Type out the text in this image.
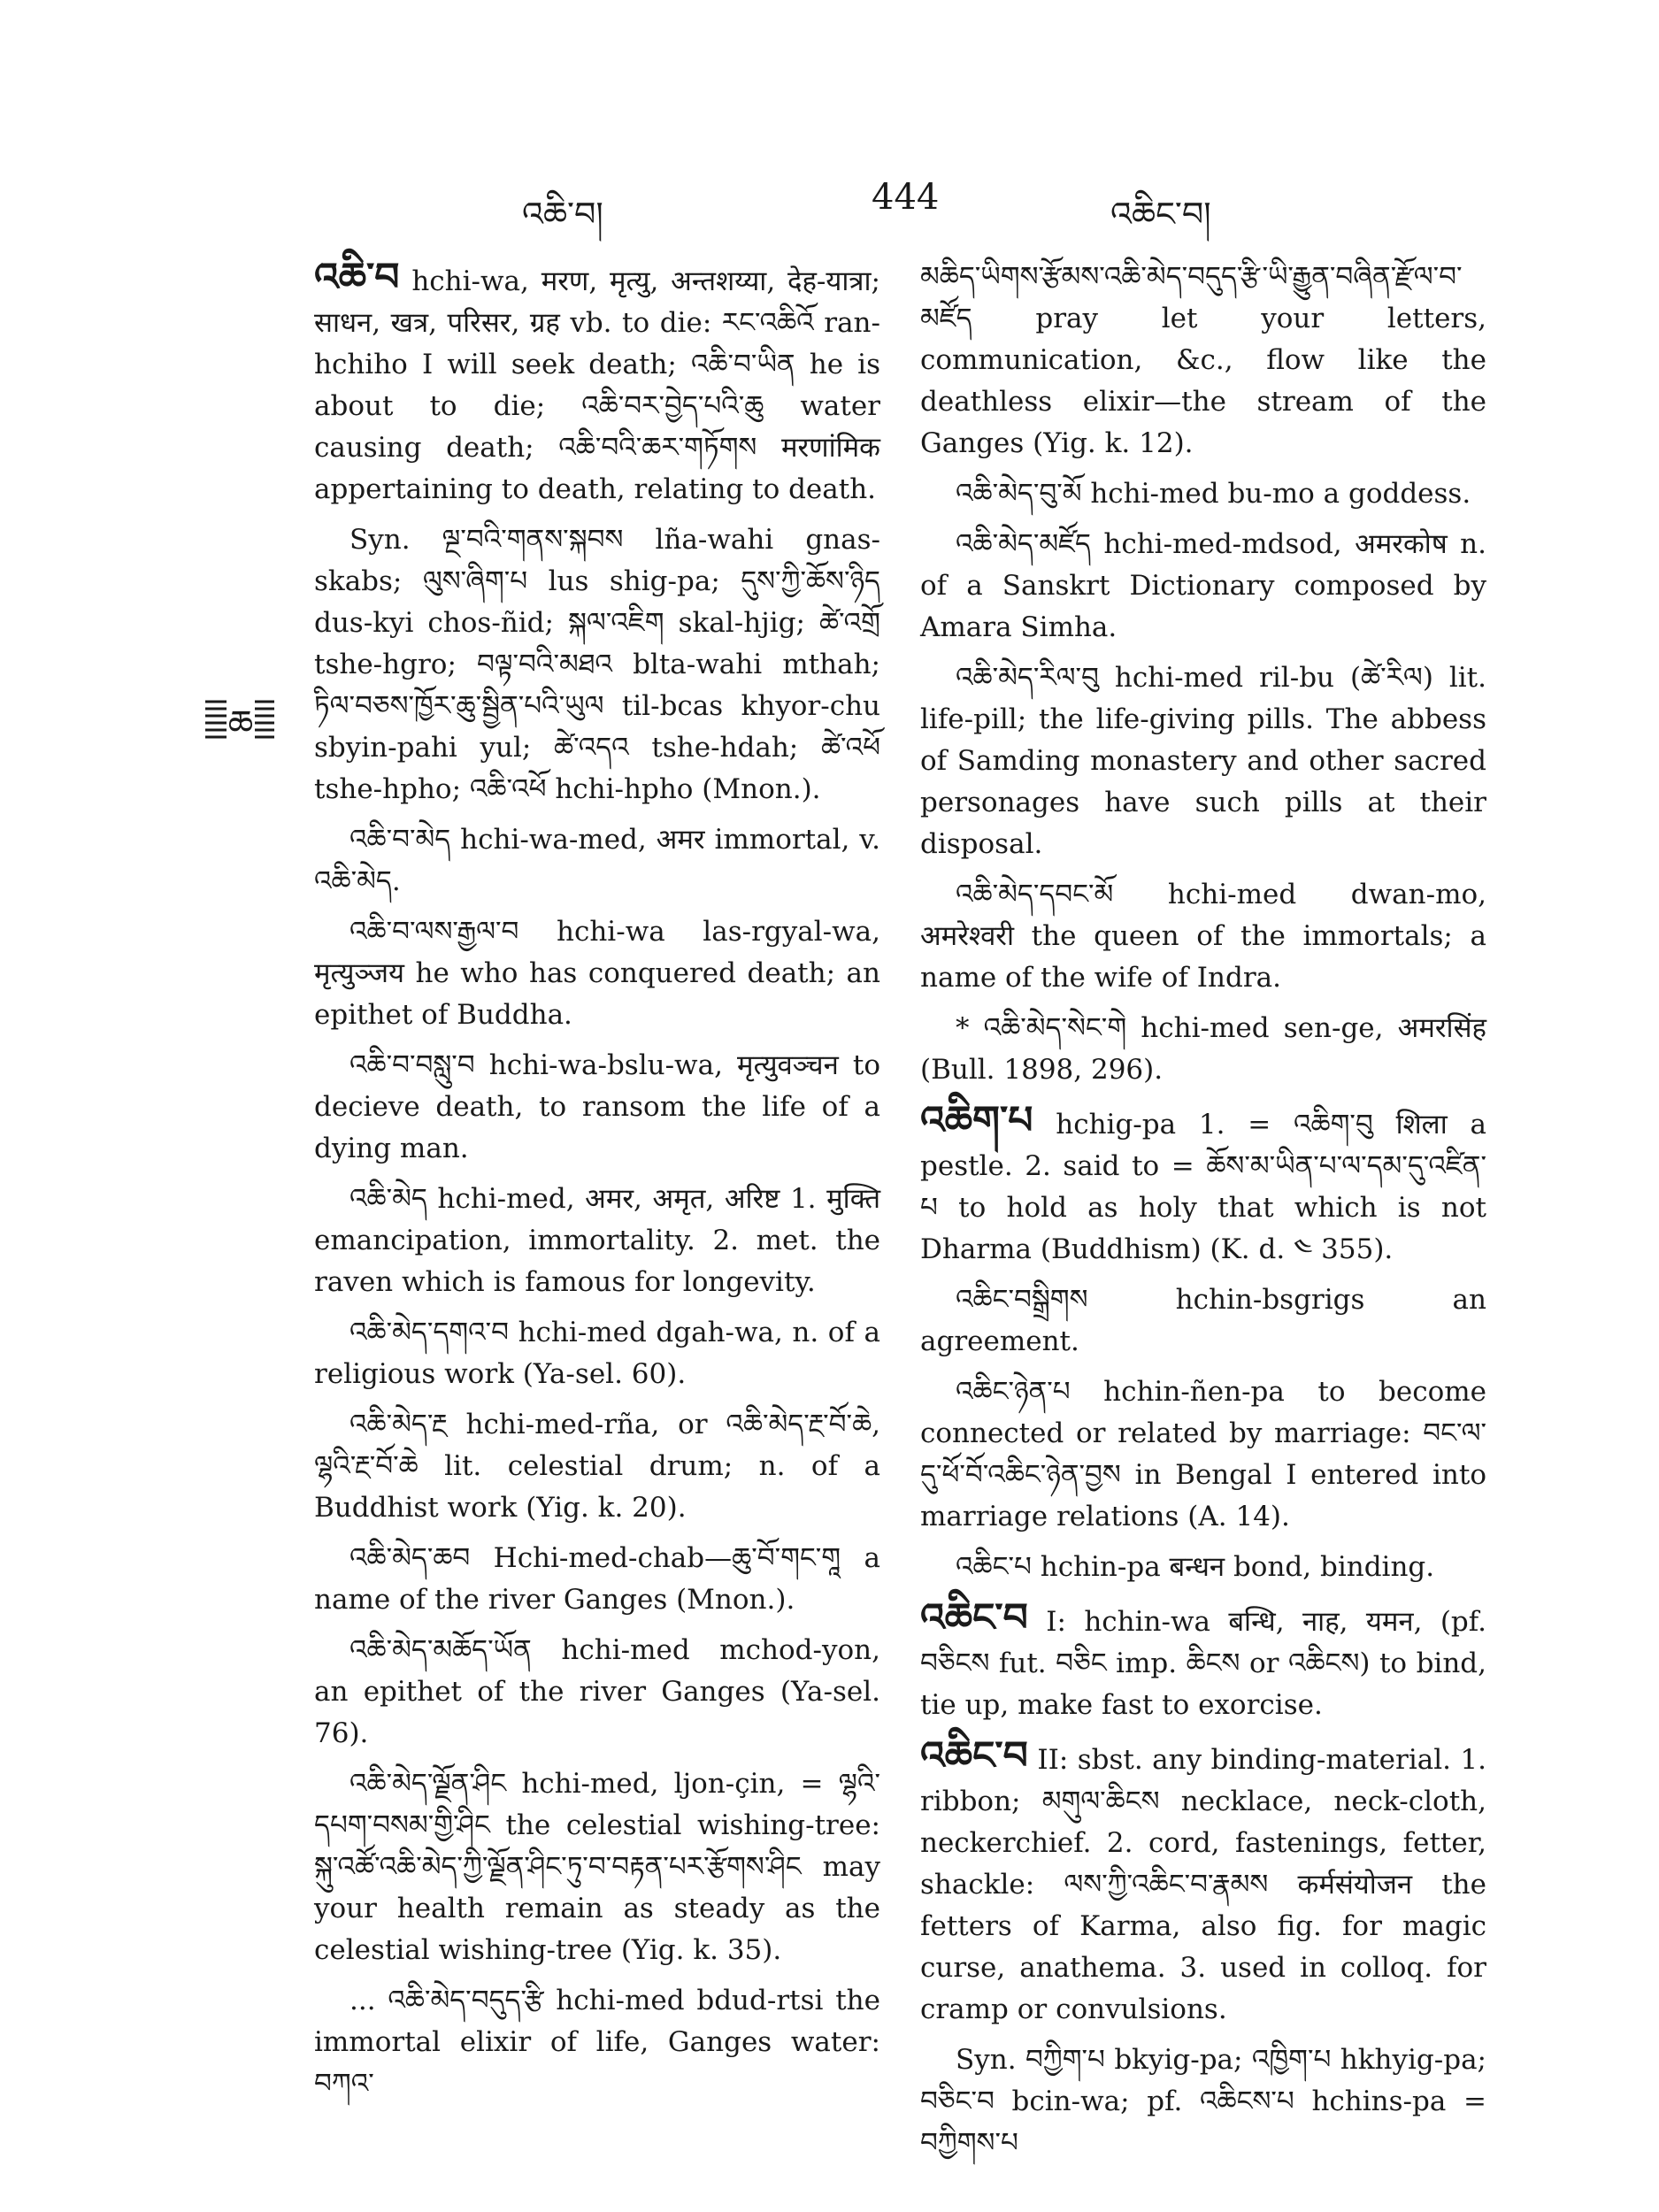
འཆི་བ།	444	འཆིང་བ།
ཆ

འཆི་བ hchi-wa, मरण, मृत्यु, अन्तशय्या, देह-यात्रा; साधन, खत्र, परिसर, ग्रह vb. to die: རང་འཆིའོ ran-hchiho I will seek death; འཆི་བ་ཡིན he is about to die; འཆི་བར་བྱེད་པའི་ཆུ water causing death; འཆི་བའི་ཆར་གཏོགས मरणांमिक appertaining to death, relating to death.

Syn. ལྔ་བའི་གནས་སྐབས lña-wahi gnas-skabs; ལུས་ཞིག་པ lus shig-pa; དུས་ཀྱི་ཆོས་ཉིད dus-kyi chos-ñid; སྐལ་འཇིག skal-hjig; ཚེ་འགྲོ tshe-hgro; བལྟ་བའི་མཐའ blta-wahi mthah; ཏིལ་བཅས་ཁྱོར་ཆུ་སྦྱིན་པའི་ཡུལ til-bcas khyor-chu sbyin-pahi yul; ཚེ་འདའ tshe-hdah; ཚེ་འཕོ tshe-hpho; འཆི་འཕོ hchi-hpho (Mnon.).

འཆི་བ་མེད hchi-wa-med, अमर immortal, v. འཆི་མེད.

འཆི་བ་ལས་རྒྱལ་བ hchi-wa las-rgyal-wa, मृत्युञ्जय he who has conquered death; an epithet of Buddha.

འཆི་བ་བསླུ་བ hchi-wa-bslu-wa, मृत्युवञ्चन to decieve death, to ransom the life of a dying man.

འཆི་མེད hchi-med, अमर, अमृत, अरिष्ट 1. मुक्ति emancipation, immortality. 2. met. the raven which is famous for longevity.

འཆི་མེད་དགའ་བ hchi-med dgah-wa, n. of a religious work (Ya-sel. 60).

འཆི་མེད་རྔ hchi-med-rña, or འཆི་མེད་རྔ་བོ་ཆེ, ལྷའི་རྔ་བོ་ཆེ lit. celestial drum; n. of a Buddhist work (Yig. k. 20).

འཆི་མེད་ཆབ Hchi-med-chab—ཆུ་བོ་གང་གཱ a name of the river Ganges (Mnon.).

འཆི་མེད་མཆོད་ཡོན hchi-med mchod-yon, an epithet of the river Ganges (Ya-sel. 76).

འཆི་མེད་ལྗོན་ཤིང hchi-med, ljon-çin, = ལྷའི་དཔག་བསམ་གྱི་ཤིང the celestial wishing-tree: སྐུ་འཚོ་འཆི་མེད་ཀྱི་ལྗོན་ཤིང་ཏུ་བ་བརྟན་པར་རྩོགས་ཤིང may your health remain as steady as the celestial wishing-tree (Yig. k. 35).

... འཆི་མེད་བདུད་རྩི hchi-med bdud-rtsi the immortal elixir of life, Ganges water: བཀའ་

མཆིད་ཡིགས་རྩོམས་འཆི་མེད་བདུད་རྩི་ཡི་རྒྱུན་བཞིན་རྫོལ་བ་མཛོད pray let your letters, communication, &c., flow like the deathless elixir—the stream of the Ganges (Yig. k. 12).

འཆི་མེད་བུ་མོ hchi-med bu-mo a goddess.

འཆི་མེད་མཛོད hchi-med-mdsod, अमरकोष n. of a Sanskrt Dictionary composed by Amara Simha.

འཆི་མེད་རིལ་བུ hchi-med ril-bu (ཚེ་རིལ) lit. life-pill; the life-giving pills. The abbess of Samding monastery and other sacred personages have such pills at their disposal.

འཆི་མེད་དབང་མོ hchi-med dwan-mo, अमरेश्वरी the queen of the immortals; a name of the wife of Indra.

* འཆི་མེད་སེང་གེ hchi-med sen-ge, अमरसिंह (Bull. 1898, 296).

འཆིག་པ hchig-pa 1. = འཆིག་བུ शिला a pestle. 2. said to = ཆོས་མ་ཡིན་པ་ལ་དམ་དུ་འཛིན་པ to hold as holy that which is not Dharma (Buddhism) (K. d. ༤ 355).

འཆིང་བསྒྲིགས hchin-bsgrigs an agreement.

འཆིང་ཉེན་པ hchin-ñen-pa to become connected or related by marriage: བང་ལ་དུ་ཕོ་བོ་འཆིང་ཉེན་བྱས in Bengal I entered into marriage relations (A. 14).

འཆིང་པ hchin-pa बन्धन bond, binding.

འཆིང་བ I: hchin-wa बन्धि, नाह, यमन, (pf. བཅིངས fut. བཅིང imp. ཆིངས or འཆིངས) to bind, tie up, make fast to exorcise.

འཆིང་བ II: sbst. any binding-material. 1. ribbon; མགུལ་ཆིངས necklace, neck-cloth, neckerchief. 2. cord, fastenings, fetter, shackle: ལས་ཀྱི་འཆིང་བ་རྣམས कर्मसंयोजन the fetters of Karma, also fig. for magic curse, anathema. 3. used in colloq. for cramp or convulsions.

Syn. བཀྱིག་པ bkyig-pa; འཁྱིག་པ hkhyig-pa; བཅིང་བ bcin-wa; pf. འཆིངས་པ hchins-pa = བཀྱིགས་པ
